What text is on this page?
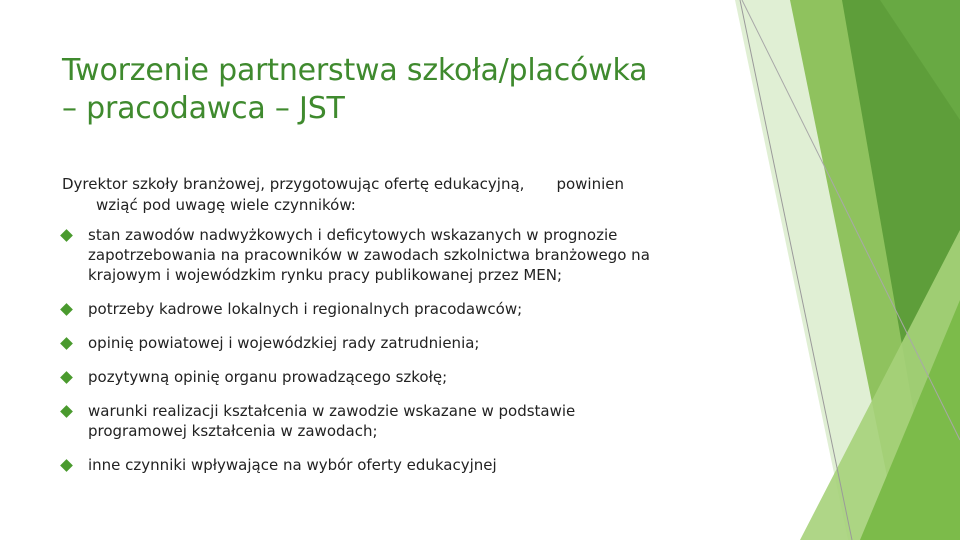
Tworzenie partnerstwa szkoła/placówka
– pracodawca – JST
Dyrektor szkoły branżowej, przygotowując ofertę edukacyjną, powinien
wziąć pod uwagę wiele czynników:
stan zawodów nadwyżkowych i deficytowych wskazanych w prognozie
zapotrzebowania na pracowników w zawodach szkolnictwa branżowego na
krajowym i wojewódzkim rynku pracy publikowanej przez MEN;
potrzeby kadrowe lokalnych i regionalnych pracodawców;
opinię powiatowej i wojewódzkiej rady zatrudnienia;
pozytywną opinię organu prowadzącego szkołę;
warunki realizacji kształcenia w zawodzie wskazane w podstawie
programowej kształcenia w zawodach;
inne czynniki wpływające na wybór oferty edukacyjnej
